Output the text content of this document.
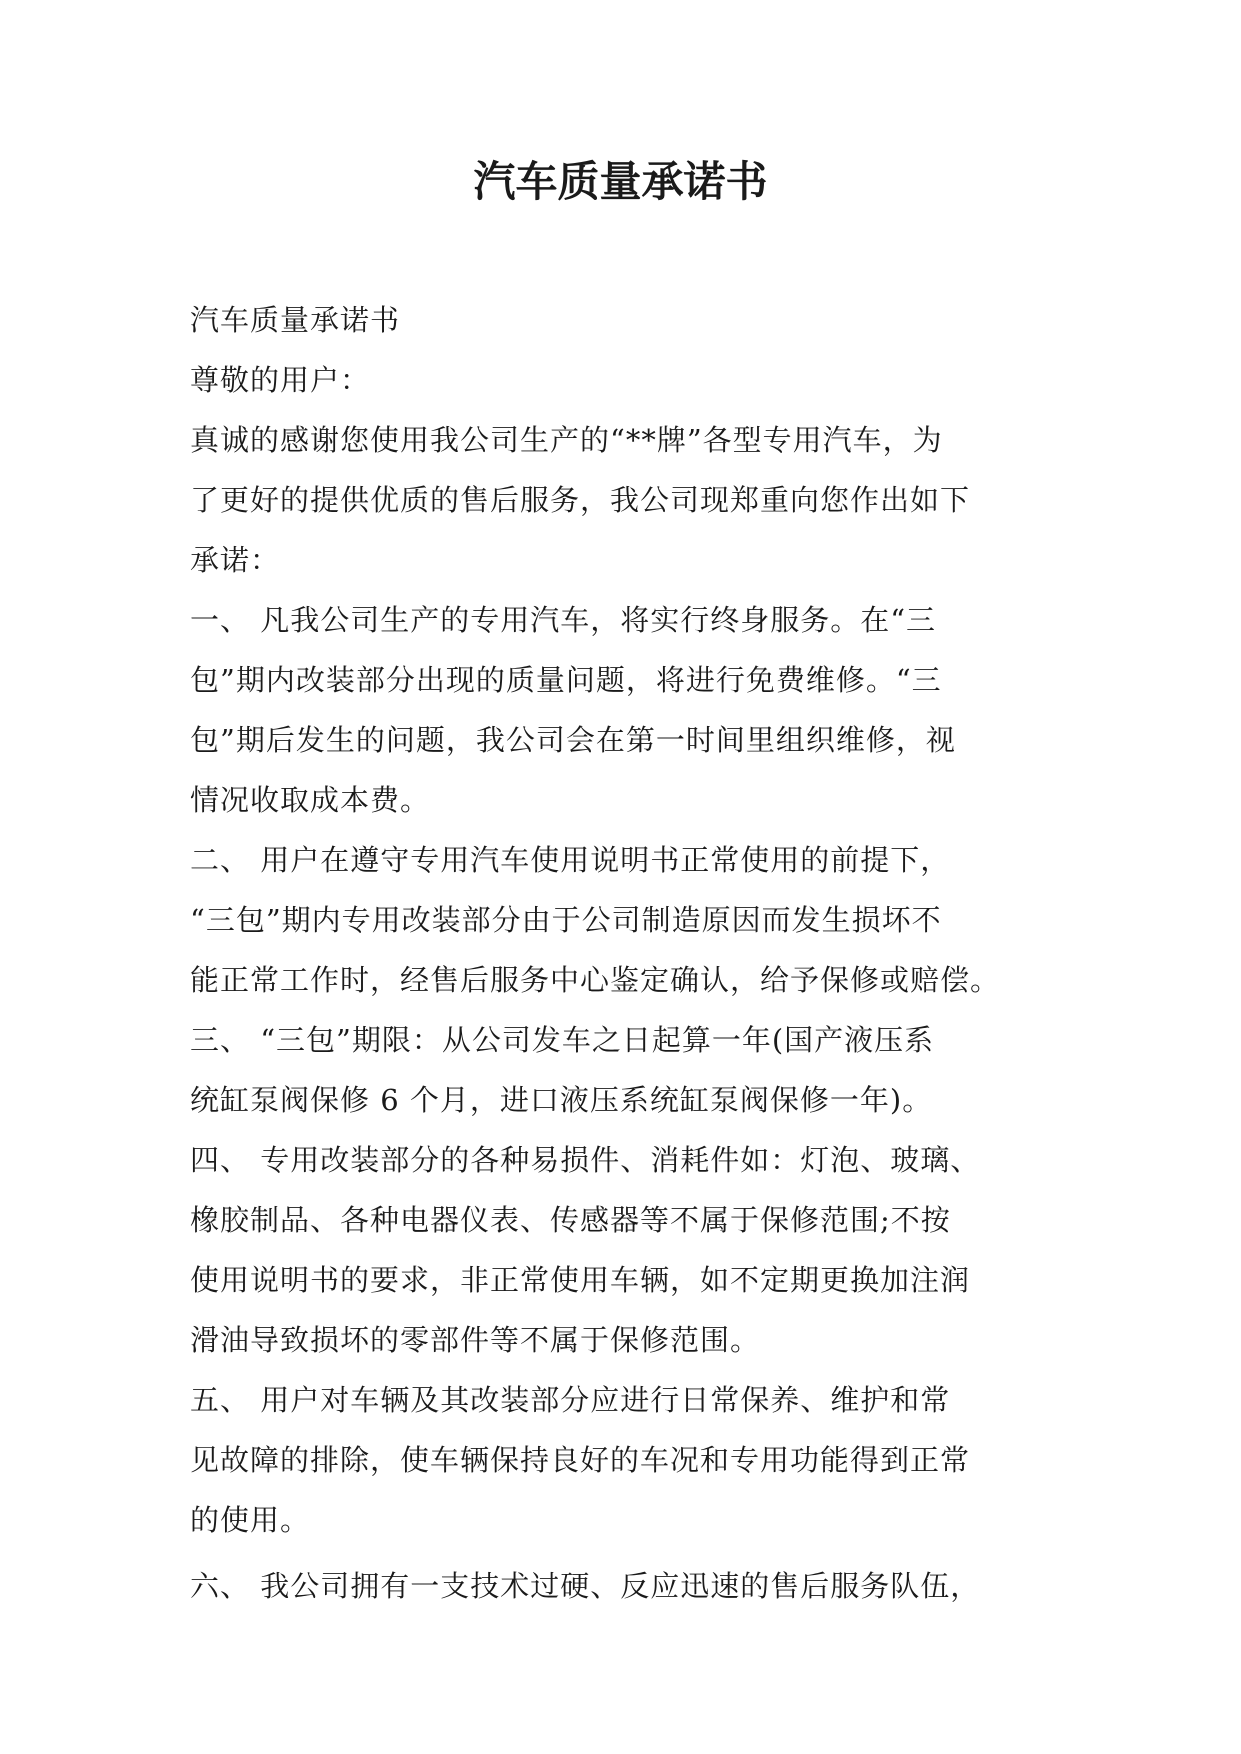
汽车质量承诺书
汽车质量承诺书
尊敬的用户：
真诚的感谢您使用我公司生产的“**牌”各型专用汽车，为
了更好的提供优质的售后服务，我公司现郑重向您作出如下
承诺：
一、 凡我公司生产的专用汽车，将实行终身服务。在“三
包”期内改装部分出现的质量问题，将进行免费维修。“三
包”期后发生的问题，我公司会在第一时间里组织维修，视
情况收取成本费。
二、 用户在遵守专用汽车使用说明书正常使用的前提下，
“三包”期内专用改装部分由于公司制造原因而发生损坏不
能正常工作时，经售后服务中心鉴定确认，给予保修或赔偿。
三、 “三包”期限：从公司发车之日起算一年(国产液压系
统缸泵阀保修 6 个月，进口液压系统缸泵阀保修一年)。
四、 专用改装部分的各种易损件、消耗件如：灯泡、玻璃、
橡胶制品、各种电器仪表、传感器等不属于保修范围;不按
使用说明书的要求，非正常使用车辆，如不定期更换加注润
滑油导致损坏的零部件等不属于保修范围。
五、 用户对车辆及其改装部分应进行日常保养、维护和常
见故障的排除，使车辆保持良好的车况和专用功能得到正常
的使用。
六、 我公司拥有一支技术过硬、反应迅速的售后服务队伍，
